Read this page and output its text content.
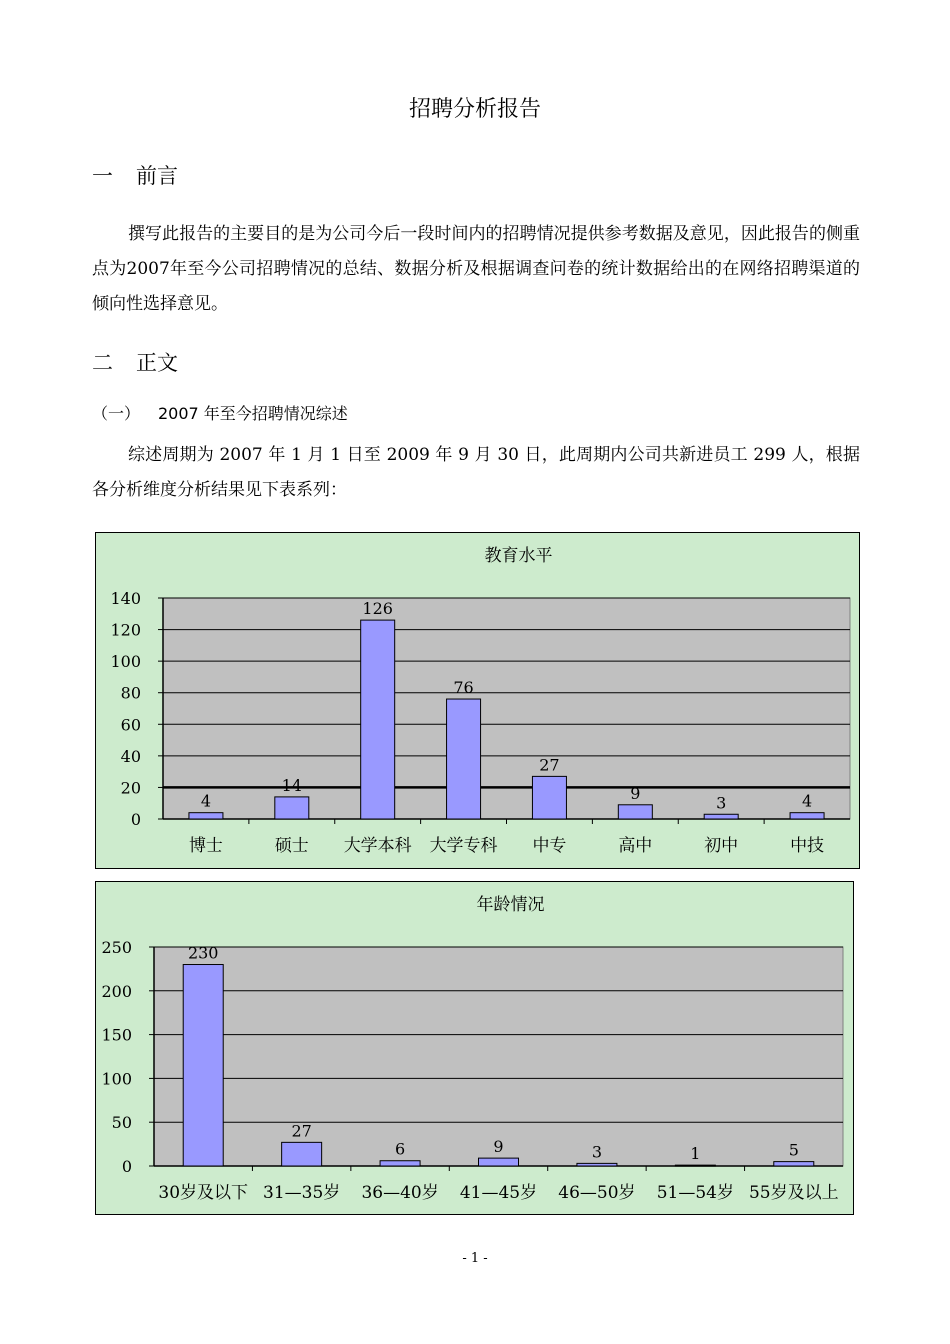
招聘分析报告
一 前言
撰写此报告的主要目的是为公司今后一段时间内的招聘情况提供参考数据及意见，因此报告的侧重点为2007年至今公司招聘情况的总结、数据分析及根据调查问卷的统计数据给出的在网络招聘渠道的倾向性选择意见。
二 正文
（一） 2007 年至今招聘情况综述
综述周期为 2007 年 1 月 1 日至 2009 年 9 月 30 日，此周期内公司共新进员工 299 人，根据各分析维度分析结果见下表系列：
教育水平
0
20
40
60
80
100
120
140
4
博士
14
硕士
126
大学本科
76
大学专科
27
中专
9
高中
3
初中
4
中技
年龄情况
0
50
100
150
200
250	230
30岁及以下
27
31—35岁
6
36—40岁
9
41—45岁
3
46—50岁
1
51—54岁
5
55岁及以上
- 1 -
